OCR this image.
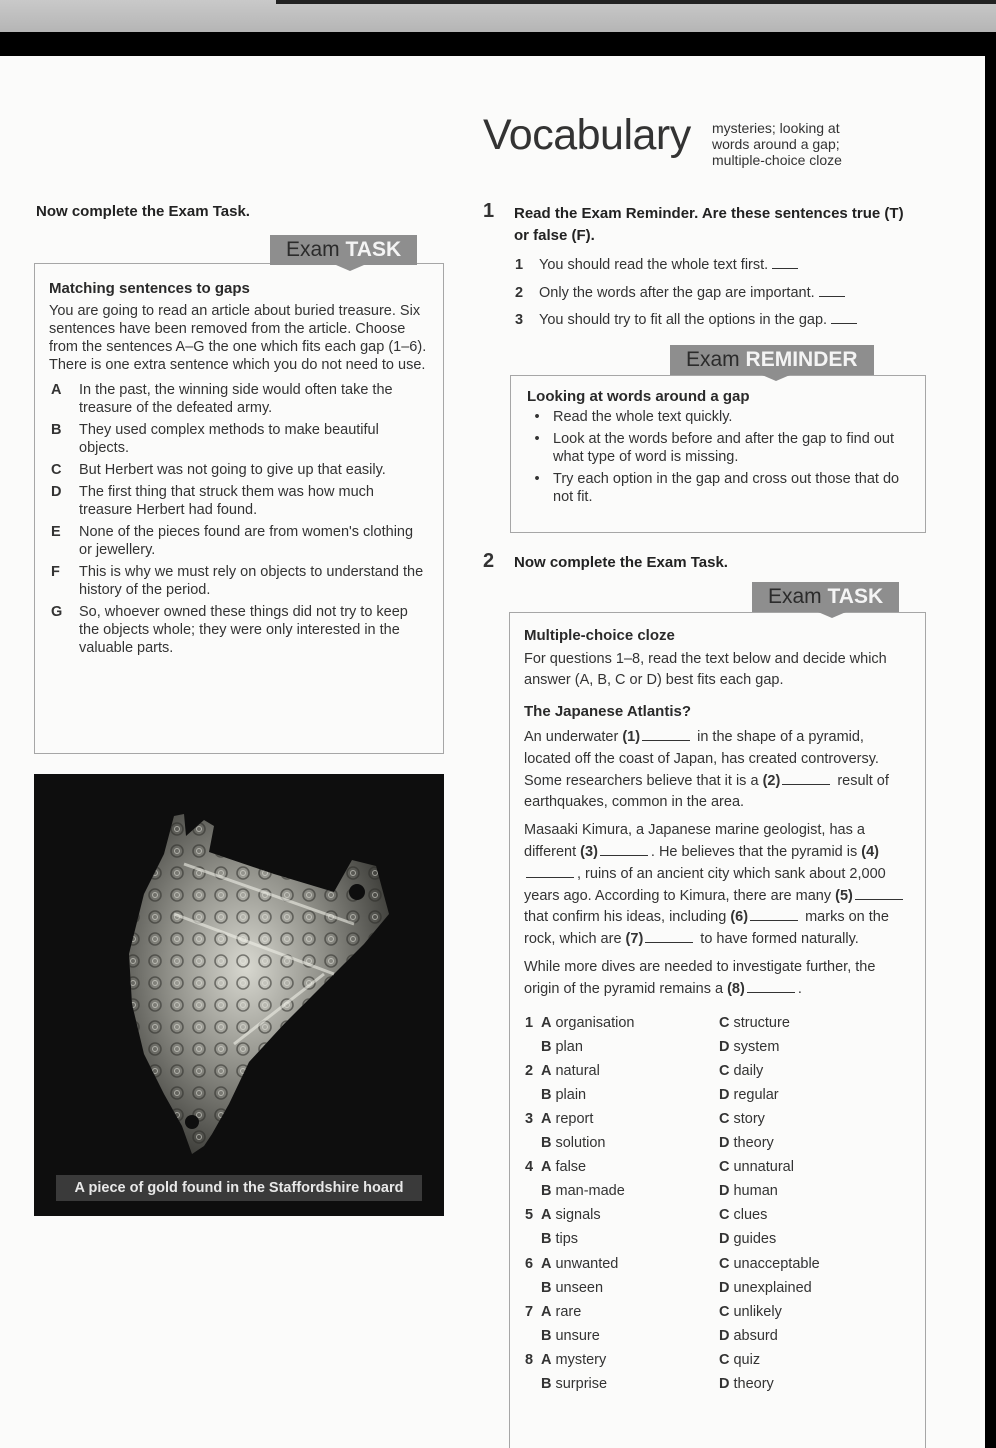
Vocabulary mysteries; looking at
words around a gap;
multiple-choice cloze
Now complete the Exam Task.
Matching sentences to gaps
You are going to read an article about buried treasure. Six sentences have been removed from the article. Choose from the sentences A–G the one which fits each gap (1–6). There is one extra sentence which you do not need to use.
A	In the past, the winning side would often take the treasure of the defeated army.
B	They used complex methods to make beautiful objects.
C	But Herbert was not going to give up that easily.
D	The first thing that struck them was how much treasure Herbert had found.
E	None of the pieces found are from women's clothing or jewellery.
F	This is why we must rely on objects to understand the history of the period.
G	So, whoever owned these things did not try to keep the objects whole; they were only interested in the valuable parts.
Exam TASK
A piece of gold found in the Staffordshire hoard
1 Read the Exam Reminder. Are these sentences true (T) or false (F).
1 You should read the whole text first.
2 Only the words after the gap are important.
3 You should try to fit all the options in the gap.
Looking at words around a gap
• Read the whole text quickly.
• Look at the words before and after the gap to find out what type of word is missing.
• Try each option in the gap and cross out those that do not fit.
Exam REMINDER
2 Now complete the Exam Task.
Multiple-choice cloze
For questions 1–8, read the text below and decide which answer (A, B, C or D) best fits each gap.
The Japanese Atlantis?
An underwater (1)	in the shape of a pyramid, located off the coast of Japan, has created controversy. Some researchers believe that it is a (2)	result of earthquakes, common in the area.
Masaaki Kimura, a Japanese marine geologist, has a different (3)	. He believes that the pyramid is (4), ruins of an ancient city which sank about 2,000 years ago. According to Kimura, there are many (5) that confirm his ideas, including (6)	marks on the rock, which are (7)	to have formed naturally.
While more dives are needed to investigate further, the origin of the pyramid remains a (8)	.
1 A organisation	C structure
B plan	D system
2 A natural	C daily
B plain	D regular
3 A report	C story
B solution	D theory
4 A false	C unnatural
B man-made	D human
5 A signals	C clues
B tips	D guides
6 A unwanted	C unacceptable
B unseen	D unexplained
7 A rare	C unlikely
B unsure	D absurd
8 A mystery	C quiz
B surprise	D theory
Exam TASK
